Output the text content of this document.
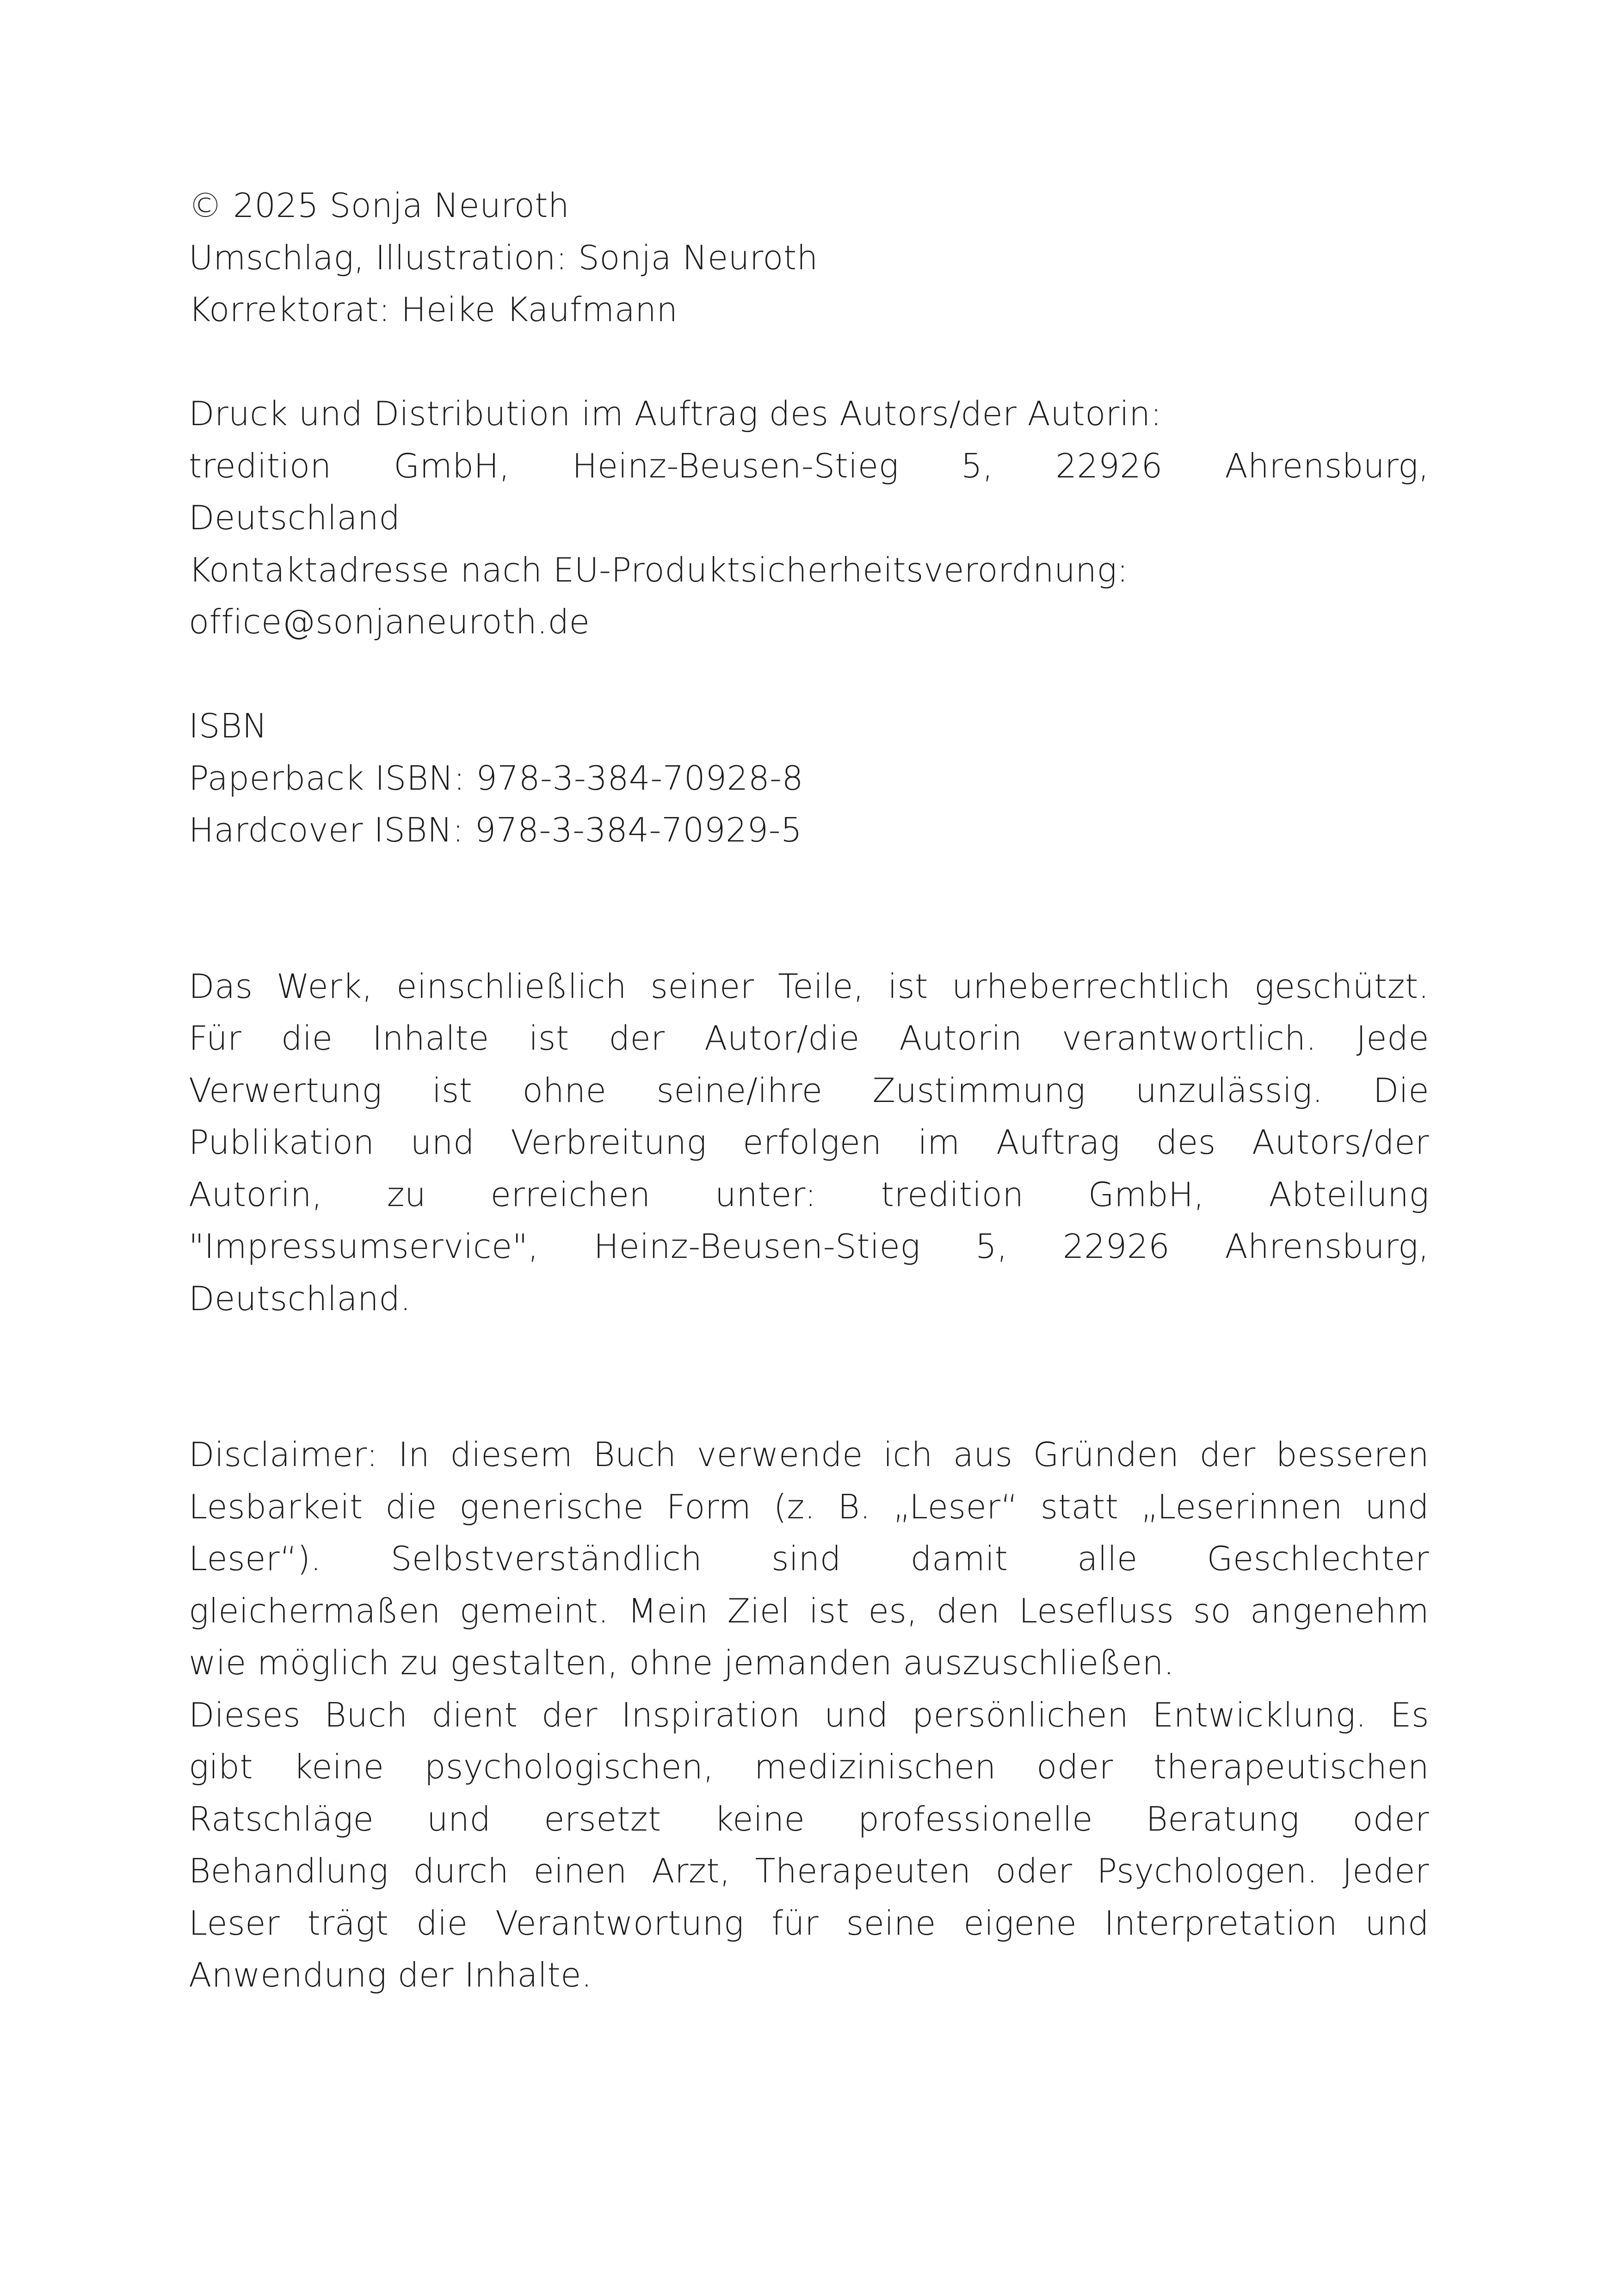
© 2025 Sonja Neuroth
Umschlag, Illustration: Sonja Neuroth
Korrektorat: Heike Kaufmann
Druck und Distribution im Auftrag des Autors/der Autorin:
tredition GmbH, Heinz-Beusen-Stieg 5, 22926 Ahrensburg,
Deutschland
Kontaktadresse nach EU-Produktsicherheitsverordnung:
office@sonjaneuroth.de
ISBN
Paperback ISBN: 978-3-384-70928-8
Hardcover ISBN: 978-3-384-70929-5
Das Werk, einschließlich seiner Teile, ist urheberrechtlich geschützt.
Für die Inhalte ist der Autor/die Autorin verantwortlich. Jede
Verwertung ist ohne seine/ihre Zustimmung unzulässig. Die
Publikation und Verbreitung erfolgen im Auftrag des Autors/der
Autorin, zu erreichen unter: tredition GmbH, Abteilung
"Impressumservice", Heinz-Beusen-Stieg 5, 22926 Ahrensburg,
Deutschland.
Disclaimer: In diesem Buch verwende ich aus Gründen der besseren
Lesbarkeit die generische Form (z. B. „Leser“ statt „Leserinnen und
Leser“). Selbstverständlich sind damit alle Geschlechter
gleichermaßen gemeint. Mein Ziel ist es, den Lesefluss so angenehm
wie möglich zu gestalten, ohne jemanden auszuschließen.
Dieses Buch dient der Inspiration und persönlichen Entwicklung. Es
gibt keine psychologischen, medizinischen oder therapeutischen
Ratschläge und ersetzt keine professionelle Beratung oder
Behandlung durch einen Arzt, Therapeuten oder Psychologen. Jeder
Leser trägt die Verantwortung für seine eigene Interpretation und
Anwendung der Inhalte.
